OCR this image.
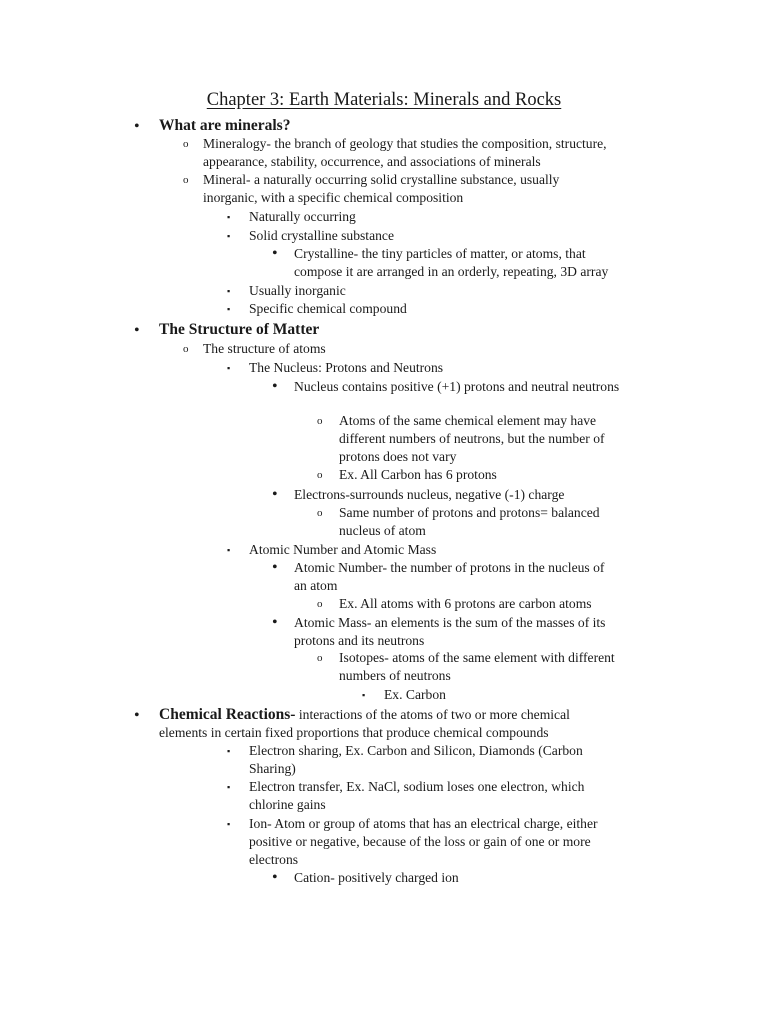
Chapter 3: Earth Materials: Minerals and Rocks
• What are minerals?
o Mineralogy- the branch of geology that studies the composition, structure,
appearance, stability, occurrence, and associations of minerals
o Mineral- a naturally occurring solid crystalline substance, usually
inorganic, with a specific chemical composition
▪ Naturally occurring
▪ Solid crystalline substance
• Crystalline- the tiny particles of matter, or atoms, that
compose it are arranged in an orderly, repeating, 3D array
▪ Usually inorganic
▪ Specific chemical compound
• The Structure of Matter
o The structure of atoms
▪ The Nucleus: Protons and Neutrons
• Nucleus contains positive (+1) protons and neutral neutrons
o Atoms of the same chemical element may have
different numbers of neutrons, but the number of
protons does not vary
o Ex. All Carbon has 6 protons
• Electrons-surrounds nucleus, negative (-1) charge
o Same number of protons and protons= balanced
nucleus of atom
▪ Atomic Number and Atomic Mass
• Atomic Number- the number of protons in the nucleus of
an atom
o Ex. All atoms with 6 protons are carbon atoms
• Atomic Mass- an elements is the sum of the masses of its
protons and its neutrons
o Isotopes- atoms of the same element with different
numbers of neutrons
▪ Ex. Carbon
• Chemical Reactions- interactions of the atoms of two or more chemical
elements in certain fixed proportions that produce chemical compounds
▪ Electron sharing, Ex. Carbon and Silicon, Diamonds (Carbon
Sharing)
▪ Electron transfer, Ex. NaCl, sodium loses one electron, which
chlorine gains
▪ Ion- Atom or group of atoms that has an electrical charge, either
positive or negative, because of the loss or gain of one or more
electrons
• Cation- positively charged ion
